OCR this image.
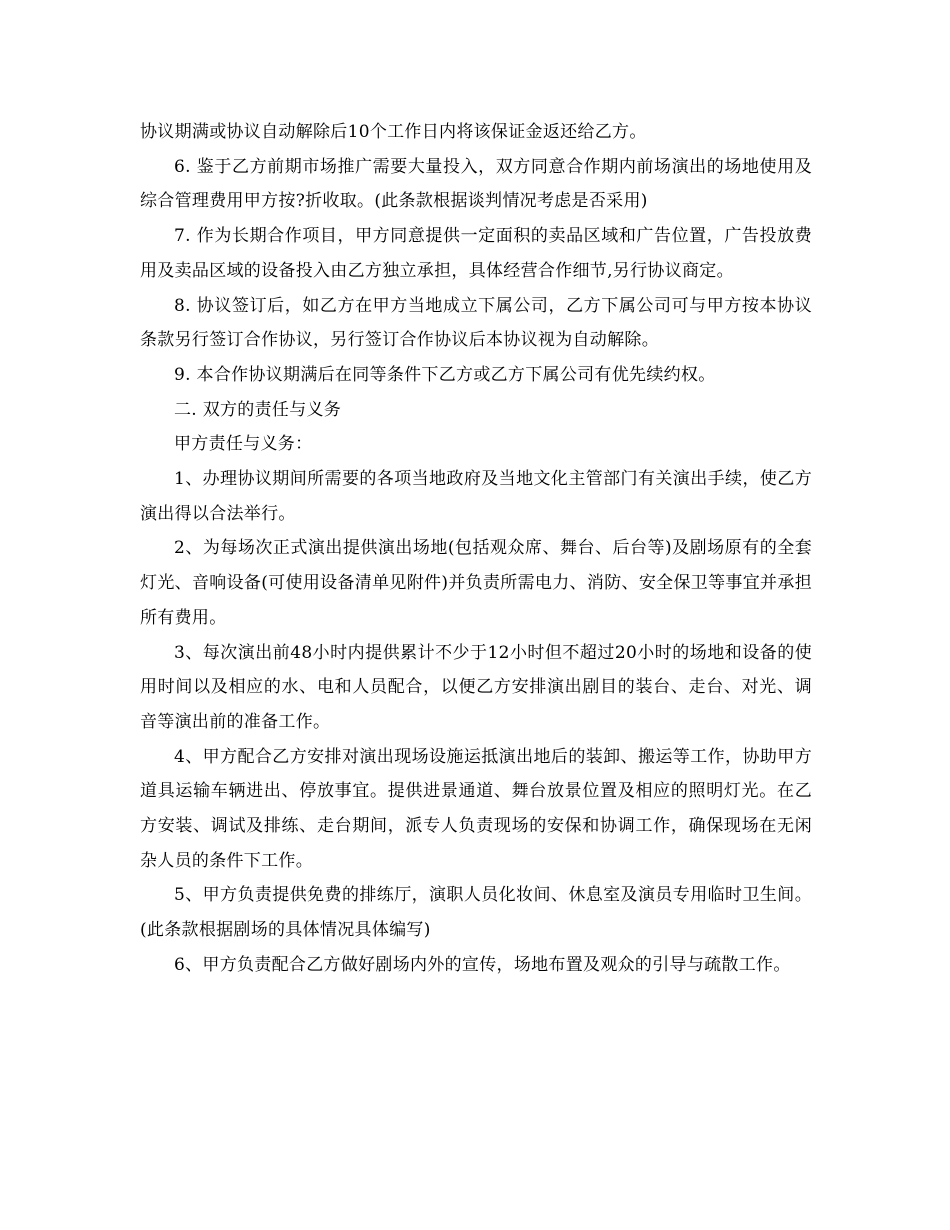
协议期满或协议自动解除后10个工作日内将该保证金返还给乙方。

6. 鉴于乙方前期市场推广需要大量投入，双方同意合作期内前场演出的场地使用及综合管理费用甲方按?折收取。(此条款根据谈判情况考虑是否采用)

7. 作为长期合作项目，甲方同意提供一定面积的卖品区域和广告位置，广告投放费用及卖品区域的设备投入由乙方独立承担，具体经营合作细节,另行协议商定。

8. 协议签订后，如乙方在甲方当地成立下属公司，乙方下属公司可与甲方按本协议条款另行签订合作协议，另行签订合作协议后本协议视为自动解除。

9. 本合作协议期满后在同等条件下乙方或乙方下属公司有优先续约权。

二. 双方的责任与义务

甲方责任与义务：

1、办理协议期间所需要的各项当地政府及当地文化主管部门有关演出手续，使乙方演出得以合法举行。

2、为每场次正式演出提供演出场地(包括观众席、舞台、后台等)及剧场原有的全套灯光、音响设备(可使用设备清单见附件)并负责所需电力、消防、安全保卫等事宜并承担所有费用。

3、每次演出前48小时内提供累计不少于12小时但不超过20小时的场地和设备的使用时间以及相应的水、电和人员配合，以便乙方安排演出剧目的装台、走台、对光、调音等演出前的准备工作。

4、甲方配合乙方安排对演出现场设施运抵演出地后的装卸、搬运等工作，协助甲方道具运输车辆进出、停放事宜。提供进景通道、舞台放景位置及相应的照明灯光。在乙方安装、调试及排练、走台期间，派专人负责现场的安保和协调工作，确保现场在无闲杂人员的条件下工作。

5、甲方负责提供免费的排练厅，演职人员化妆间、休息室及演员专用临时卫生间。(此条款根据剧场的具体情况具体编写)

6、甲方负责配合乙方做好剧场内外的宣传，场地布置及观众的引导与疏散工作。
